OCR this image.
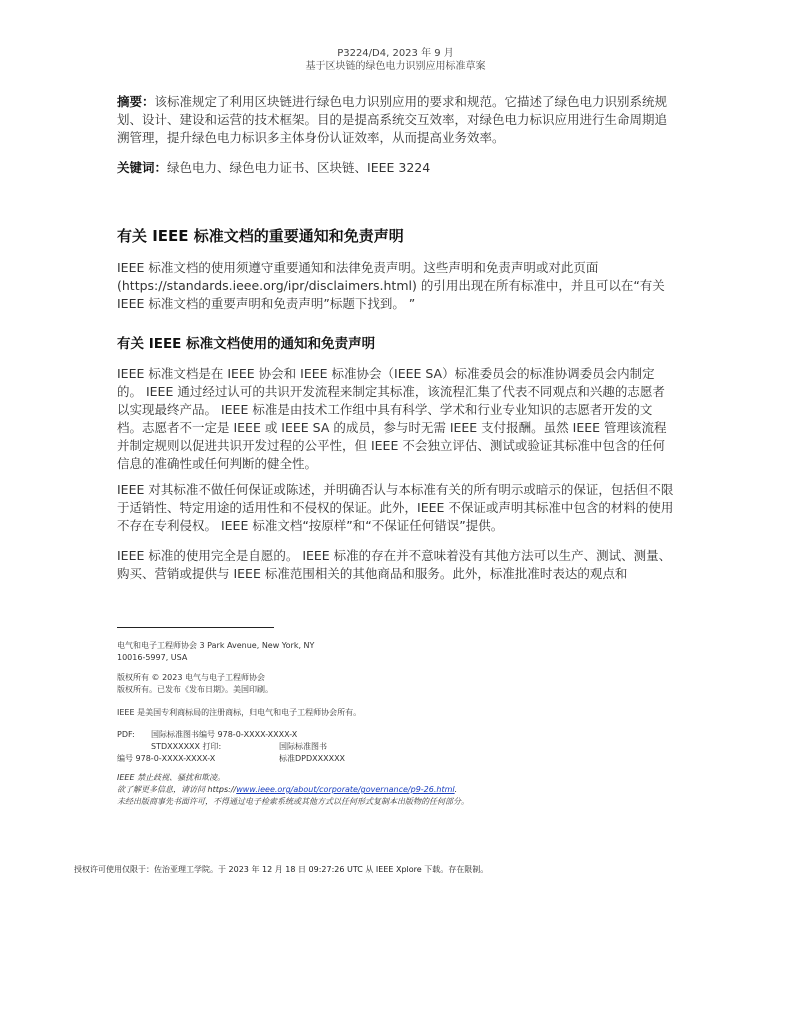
P3224/D4, 2023 年 9 月
基于区块链的绿色电力识别应用标准草案
摘要：该标准规定了利用区块链进行绿色电力识别应用的要求和规范。它描述了绿色电力识别系统规划、设计、建设和运营的技术框架。目的是提高系统交互效率，对绿色电力标识应用进行生命周期追溯管理，提升绿色电力标识多主体身份认证效率，从而提高业务效率。
关键词：绿色电力、绿色电力证书、区块链、IEEE 3224
有关 IEEE 标准文档的重要通知和免责声明
IEEE 标准文档的使用须遵守重要通知和法律免责声明。这些声明和免责声明或对此页面 (https://standards.ieee.org/ipr/disclaimers.html) 的引用出现在所有标准中，并且可以在“有关 IEEE 标准文档的重要声明和免责声明”标题下找到。 ”
有关 IEEE 标准文档使用的通知和免责声明
IEEE 标准文档是在 IEEE 协会和 IEEE 标准协会（IEEE SA）标准委员会的标准协调委员会内制定的。 IEEE 通过经过认可的共识开发流程来制定其标准，该流程汇集了代表不同观点和兴趣的志愿者以实现最终产品。 IEEE 标准是由技术工作组中具有科学、学术和行业专业知识的志愿者开发的文档。志愿者不一定是 IEEE 或 IEEE SA 的成员，参与时无需 IEEE 支付报酬。虽然 IEEE 管理该流程并制定规则以促进共识开发过程的公平性，但 IEEE 不会独立评估、测试或验证其标准中包含的任何信息的准确性或任何判断的健全性。
IEEE 对其标准不做任何保证或陈述，并明确否认与本标准有关的所有明示或暗示的保证，包括但不限于适销性、特定用途的适用性和不侵权的保证。此外，IEEE 不保证或声明其标准中包含的材料的使用不存在专利侵权。 IEEE 标准文档“按原样”和“不保证任何错误”提供。
IEEE 标准的使用完全是自愿的。 IEEE 标准的存在并不意味着没有其他方法可以生产、测试、测量、购买、营销或提供与 IEEE 标准范围相关的其他商品和服务。此外，标准批准时表达的观点和
电气和电子工程师协会 3 Park Avenue, New York, NY
10016-5997, USA
版权所有 © 2023 电气与电子工程师协会
版权所有。已发布《发布日期》。美国印刷。
IEEE 是美国专利商标局的注册商标，归电气和电子工程师协会所有。
PDF: 国际标准图书编号 978-0-XXXX-XXXX-X
STDXXXXXX 打印:	国际标准图书
编号 978-0-XXXX-XXXX-X	标准DPDXXXXXX
IEEE 禁止歧视、骚扰和欺凌。
欲了解更多信息，请访问 https://www.ieee.org/about/corporate/governance/p9-26.html.
未经出版商事先书面许可，不得通过电子检索系统或其他方式以任何形式复制本出版物的任何部分。
授权许可使用仅限于：佐治亚理工学院。于 2023 年 12 月 18 日 09:27:26 UTC 从 IEEE Xplore 下载。存在限制。
